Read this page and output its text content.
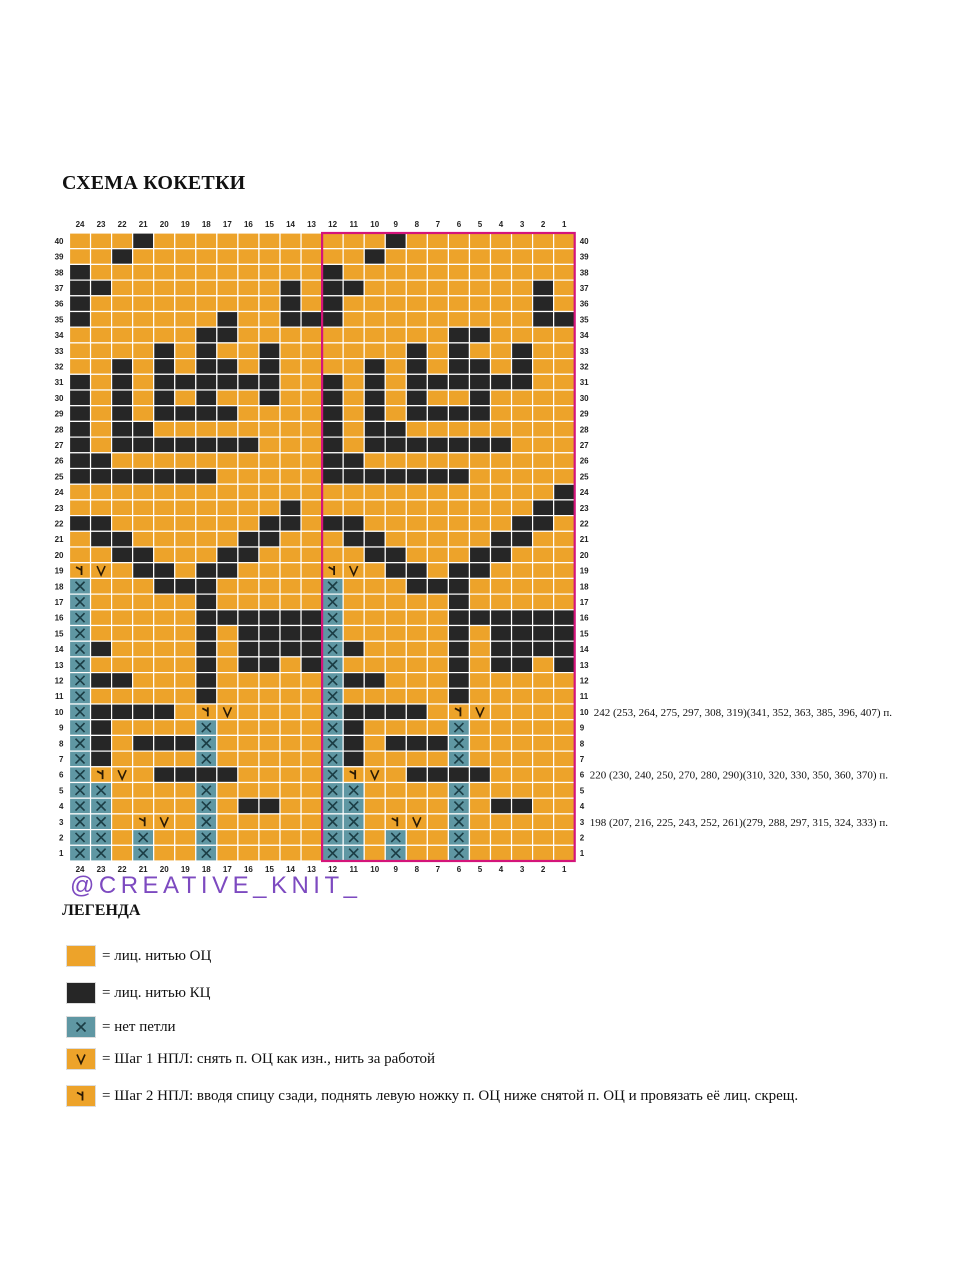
СХЕМА КОКЕТКИ
24
24
23
23
22
22
21
21
20
20
19
19
18
18
17
17
16
16
15
15
14
14
13
13
12
12
11
11
10
10
9
9
8
8
7
7
6
6
5
5
4
4
3
3
2
2
1
1
40	40
39	39
38	38
37	37
36	36
35	35
34	34
33	33
32	32
31	31
30	30
29	29
28	28
27	27
26	26
25	25
24	24
23	23
22	22
21	21
20	20
19	19
18	18
17	17
16	16
15	15
14	14
13	13
12	12
11	11
10	10
9	9
8	8
7	7
6	6
5	5
4	4
3	3
2	2
1	1
242 (253, 264, 275, 297, 308, 319)(341, 352, 363, 385, 396, 407) п.
220 (230, 240, 250, 270, 280, 290)(310, 320, 330, 350, 360, 370) п.
198 (207, 216, 225, 243, 252, 261)(279, 288, 297, 315, 324, 333) п.
@CREATIVE_KNIT_
ЛЕГЕНДА
= лиц. нитью ОЦ
= лиц. нитью КЦ
= нет петли
= Шаг 1 НПЛ: снять п. ОЦ как изн., нить за работой
= Шаг 2 НПЛ: вводя спицу сзади, поднять левую ножку п. ОЦ ниже снятой п. ОЦ и провязать её лиц. скрещ.
